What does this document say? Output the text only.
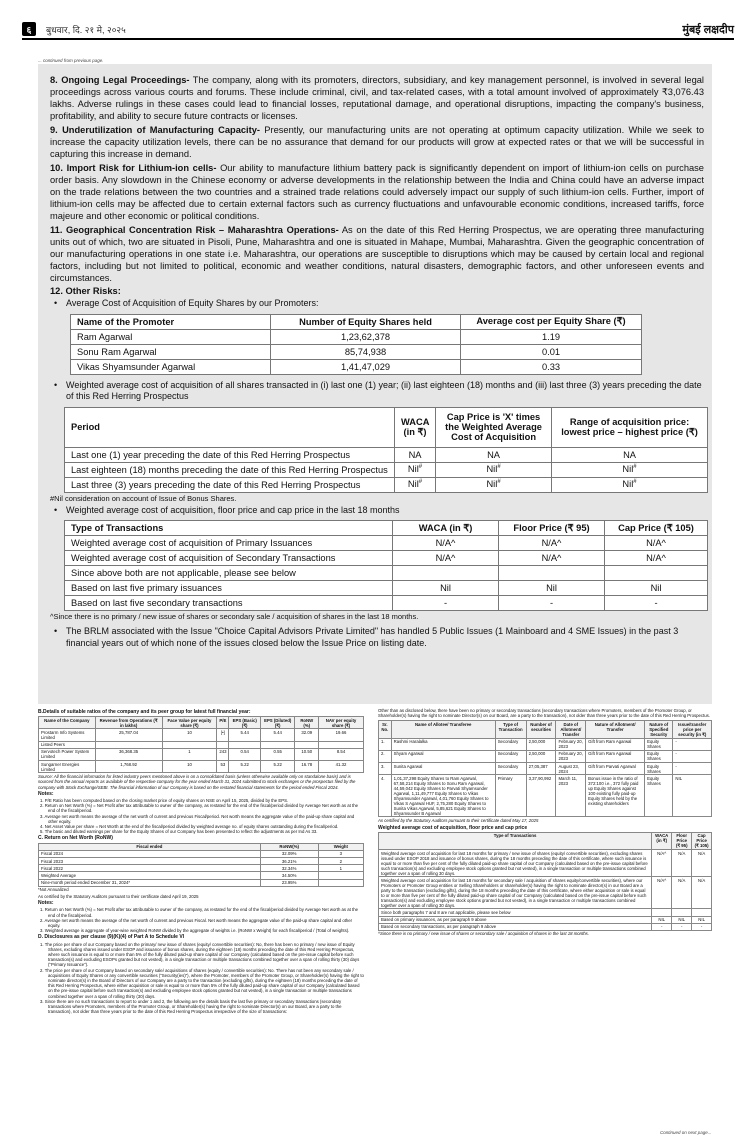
६	बुधवार, दि. २१ मे, २०२५	मुंबई लक्षदीप
... continued from previous page.
8. Ongoing Legal Proceedings- The company, along with its promoters, directors, subsidiary, and key management personnel, is involved in several legal proceedings across various courts and forums. These include criminal, civil, and tax-related cases, with a total amount involved of approximately ₹3,076.43 lakhs. Adverse rulings in these cases could lead to financial losses, reputational damage, and operational disruptions, impacting the company's business, profitability, and ability to secure future contracts or licenses.
9. Underutilization of Manufacturing Capacity- Presently, our manufacturing units are not operating at optimum capacity utilization. While we seek to increase the capacity utilization levels, there can be no assurance that demand for our products will grow at expected rates or that we will be successful in capturing this increase in demand.
10. Import Risk for Lithium-ion cells- Our ability to manufacture lithium battery pack is significantly dependent on import of lithium-ion cells on purchase order basis. Any slowdown in the Chinese economy or adverse developments in the relationship between the India and China could have an adverse impact on the trade relations between the two countries and a strained trade relations could adversely impact our supply of such lithium-ion cells. Further, import of lithium-ion cells may be affected due to certain external factors such as currency fluctuations and unfavourable economic conditions, increased tariffs, force majeure and other economic or political conditions.
11. Geographical Concentration Risk – Maharashtra Operations- As on the date of this Red Herring Prospectus, we are operating three manufacturing units out of which, two are situated in Pisoli, Pune, Maharashtra and one is situated in Mahape, Mumbai, Maharashtra. Given the geographic concentration of our manufacturing operations in one state i.e. Maharashtra, our operations are susceptible to disruptions which may be caused by certain local and regional factors, including but not limited to political, economic and weather conditions, natural disasters, demographic factors, and other unforeseen events and circumstances.
12. Other Risks:
• Average Cost of Acquisition of Equity Shares by our Promoters:
Name of the Promoter	Number of Equity Shares held	Average cost per Equity Share (₹)
Ram Agarwal	1,23,62,378	1.19
Sonu Ram Agarwal	85,74,938	0.01
Vikas Shyamsunder Agarwal	1,41,47,029	0.33
• Weighted average cost of acquisition of all shares transacted in (i) last one (1) year; (ii) last eighteen (18) months and (iii) last three (3) years preceding the date of this Red Herring Prospectus
Period	WACA (in ₹)	Cap Price is 'X' times the Weighted Average Cost of Acquisition	Range of acquisition price: lowest price – highest price (₹)
Last one (1) year preceding the date of this Red Herring Prospectus	NA	NA	NA
Last eighteen (18) months preceding the date of this Red Herring Prospectus	Nil#	Nil#	Nil#
Last three (3) years preceding the date of this Red Herring Prospectus	Nil#	Nil#	Nil#
#Nil consideration on account of Issue of Bonus Shares.
• Weighted average cost of acquisition, floor price and cap price in the last 18 months
Type of Transactions	WACA (in ₹)	Floor Price (₹ 95)	Cap Price (₹ 105)
Weighted average cost of acquisition of Primary Issuances	N/A^	N/A^	N/A^
Weighted average cost of acquisition of Secondary Transactions	N/A^	N/A^	N/A^
Since above both are not applicable, please see below			
Based on last five primary issuances	Nil	Nil	Nil
Based on last five secondary transactions	-	-	-
^Since there is no primary / new issue of shares or secondary sale / acquisition of shares in the last 18 months.
• The BRLM associated with the Issue "Choice Capital Advisors Private Limited" has handled 5 Public Issues (1 Mainboard and 4 SME Issues) in the past 3 financial years out of which none of the issues closed below the Issue Price on listing date.
B.Details of suitable ratios of the company and its peer group for latest full financial year:
Name of the Company	Revenue from Operations (₹ in lakhs)	Face Value per equity share (₹)	P/E	EPS (Basic) (₹)	EPS (Diluted) (₹)	RoNW (%)	NAV per equity share (₹)
Prostarm Info Systems Limited	25,787.04	10	[•]	5.44	5.44	32.09	19.66
Listed Peers							
Servotech Power System Limited	36,368.35	1	243	0.54	0.55	10.50	8.54
Sungarner Energies Limited	1,768.92	10	53	5.22	5.22	16.78	41.32
Source: All the financial information for listed industry peers mentioned above is on a consolidated basis (unless otherwise available only on standalone basis) and is sourced from the annual reports as available of the respective company for the year ended March 31, 2024 submitted to stock exchanges or the prospectus filed by the company with Stock Exchange/SEBI. The financial information of our Company is based on the restated financial statements for the period ended Fiscal 2024.
Notes:
1. P/E Ratio has been computed based on the closing market price of equity shares on NSE on April 15, 2025, divided by the EPS.
2. Return on Net Worth (%) = Net Profit after tax attributable to owner of the company, as restated for the end of the fiscal/period divided by Average Net worth as at the end of the fiscal/period.
3. Average net worth means the average of the net worth of current and previous Fiscal/period. Net worth means the aggregate value of the paid-up share capital and other equity.
4. Net Asset Value per share = Net Worth at the end of the fiscal/period divided by weighted average no. of equity shares outstanding during the fiscal/period.
5. The basic and diluted earnings per share for the Equity Shares of our Company has been presented to reflect the adjustments as per Ind As 33.
C. Return on Net Worth (RoNW)
Fiscal ended	RoNW(%)	Weight
Fiscal 2024	32.09%	3
Fiscal 2023	36.21%	2
Fiscal 2022	32.34%	1
Weighted Average	34.50%	
Nine-month period ended December 31, 2024*	23.95%	
*Not Annualized
As certified by the Statutory Auditors pursuant to their certificate dated April 19, 2025
Notes:
1. Return on Net Worth (%) = Net Profit after tax attributable to owner of the company, as restated for the end of the fiscal/period divided by Average Net worth as at the end of the fiscal/period.
2. Average net worth means the average of the net worth of current and previous Fiscal. Net worth means the aggregate value of the paid-up share capital and other equity.
3. Weighted average is aggregate of year-wise weighted RoNW divided by the aggregate of weights i.e. (RoNW x Weight) for each fiscal/period / (Total of weights).
D. Disclosures as per clause (9)(K)(4) of Part A to Schedule VI
1. The price per share of our Company based on the primary/ new issue of shares (equity/ convertible securities): No, there has been no primary / new issue of Equity Shares, excluding shares issued under ESOP and issuance of bonus shares, during the eighteen (18) months preceding the date of this Red Herring Prospectus, where such issuance is equal to or more than 5% of the fully diluted paid-up share capital of our Company (calculated based on the pre-issue capital before such transaction(s) and excluding ESOPs granted but not vested), in a single transaction or multiple transactions combined together over a span of rolling thirty (30) days ("Primary Issuance").
2. The price per share of our Company based on secondary sale/ acquisitions of shares (equity / convertible securities): No. There has not been any secondary sale / acquisitions of Equity Shares or any convertible securities ("Security(ies)"), where the Promoter, members of the Promoter Group, or Shareholder(s) having the right to nominate director(s) in the Board of Directors of our Company are a party to the transaction (excluding gifts), during the eighteen (18) months preceding the date of this Red Herring Prospectus, where either acquisition or sale is equal to or more than 5% of the fully diluted paid-up share capital of our Company (calculated based on the pre-issue capital before such transaction(s) and excluding employee stock options granted but not vested), in a single transaction or multiple transactions combined together over a span of rolling thirty (30) days.
3. Since there are no such transactions to report to under 1 and 2, the following are the details basis the last five primary or secondary transactions (secondary transactions where Promoters, members of the Promoter Group, or Shareholder(s) having the right to nominate Director(s) on our Board, are a party to the transaction), not older than three years prior to the date of this Red Herring Prospectus irrespective of the size of transactions:
Other than as disclosed below, there have been no primary or secondary transactions (secondary transactions where Promoters, members of the Promoter Group, or Shareholder(s) having the right to nominate Director(s) on our Board, are a party to the transaction), not older than three years prior to the date of this Red Herring Prospectus.
Sr. No.	Name of Allotee/ Transferee	Type of Transaction	Number of securities	Date of Allotment/ Transfer	Nature of Allotment/ Transfer	Nature of Specified Security	Issue/transfer price per security (in ₹)
1.	Rashmi Haralalka	Secondary	2,50,000	February 20, 2023	Gift from Ram Agarwal	Equity Shares	-
2.	Shyam Agarwal	Secondary	2,50,000	February 20, 2023	Gift from Ram Agarwal	Equity Shares	-
3.	Sunita Agarwal	Secondary	27,05,387	August 23, 2024	Gift from Parvati Agarwal	Equity Shares	-
4.	1,01,37,298 Equity Shares to Ram Agarwal, 67,58,214 Equity Shares to Sonu Ram Agarwal, 44,59,042 Equity Shares to Parvati Shyamsunder Agarwal, 1,11,49,777 Equity Shares to Vikas Shyamsunder Agarwal, 4,01,760 Equity Shares to Vikas S Agarwal HUF, 2,75,280 Equity Shares to Sunita Vikas Agarwal, 5,85,621 Equity Shares to Shyamsunder B Agarwal	Primary	3,37,90,992	March 11, 2023	Bonus issue in the ratio of 372:100 i.e., 372 fully paid up Equity Shares against 100 existing fully paid-up Equity Shares held by the existing shareholders	Equity Shares	NIL
As certified by the Statutory Auditors pursuant to their certificate dated May 17, 2025
Weighted average cost of acquisition, floor price and cap price
Type of Transactions	WACA (in ₹)	Floor Price (₹ 95)	Cap Price (₹ 105)
Weighted average cost of acquisition for last 18 months for primary / new issue of shares (equity/ convertible securities), excluding shares issued under ESOP 2018 and issuance of bonus shares, during the 18 months preceding the date of this certificate, where such issuance is equal to or more than five per cent of the fully diluted paid-up share capital of our Company (calculated based on the pre-issue capital before such transaction(s) and excluding employee stock options granted but not vested), in a single transaction or multiple transactions combined together over a span of rolling 30 days.	N/A^	N/A	N/A
Weighted average cost of acquisition for last 18 months for secondary sale / acquisition of shares equity/convertible securities), where our Promoters or Promoter Group entities or Selling Shareholders or shareholder(s) having the right to nominate director(s) in our Board are a party to the transaction (excluding gifts), during the 18 months preceding the date of this certificate, where either acquisition or sale is equal to or more than five per cent of the fully diluted paid-up share capital of our Company (calculated based on the pre-issue capital before such transaction(s) and excluding employee stock options granted but not vested), in a single transaction or multiple transactions combined together over a span of rolling 30 days.	N/A^	N/A	N/A
Since both paragraphs 7 and 8 are not applicable, please see below			
Based on primary issuances, as per paragraph 9 above	NIL	NIL	NIL
Based on secondary transactions, as per paragraph 9 above	-	-	-
^Since there is no primary / new issue of shares or secondary sale / acquisition of shares in the last 18 months.
Continued on next page...
